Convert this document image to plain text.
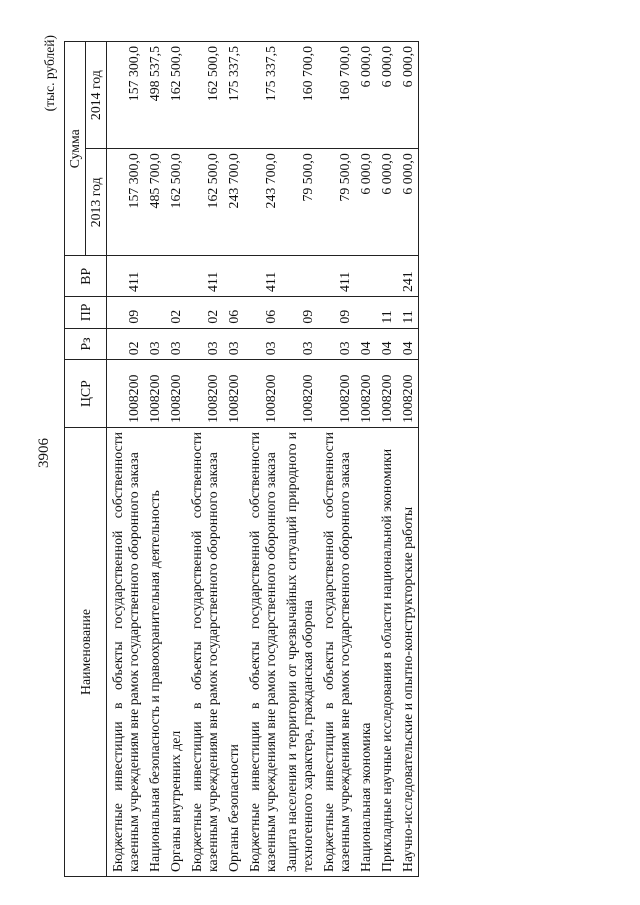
3906
(тыс. рублей)
Наименование	ЦСР	Рз	ПР	ВР	Сумма	
					2013 год	2014 год
Бюджетные инвестиции в объекты государственной собственности казенным учреждениям вне рамок государственного оборонного заказа	1008200	02	09	411	157 300,0	157 300,0
Национальная безопасность и правоохранительная деятельность	1008200	03			485 700,0	498 537,5
Органы внутренних дел	1008200	03	02		162 500,0	162 500,0
Бюджетные инвестиции в объекты государственной собственности казенным учреждениям вне рамок государственного оборонного заказа	1008200	03	02	411	162 500,0	162 500,0
Органы безопасности	1008200	03	06		243 700,0	175 337,5
Бюджетные инвестиции в объекты государственной собственности казенным учреждениям вне рамок государственного оборонного заказа	1008200	03	06	411	243 700,0	175 337,5
Защита населения и территории от чрезвычайных ситуаций природного и техногенного характера, гражданская оборона	1008200	03	09		79 500,0	160 700,0
Бюджетные инвестиции в объекты государственной собственности казенным учреждениям вне рамок государственного оборонного заказа	1008200	03	09	411	79 500,0	160 700,0
Национальная экономика	1008200	04			6 000,0	6 000,0
Прикладные научные исследования в области национальной экономики	1008200	04	11		6 000,0	6 000,0
Научно-исследовательские и опытно-конструкторские работы	1008200	04	11	241	6 000,0	6 000,0
